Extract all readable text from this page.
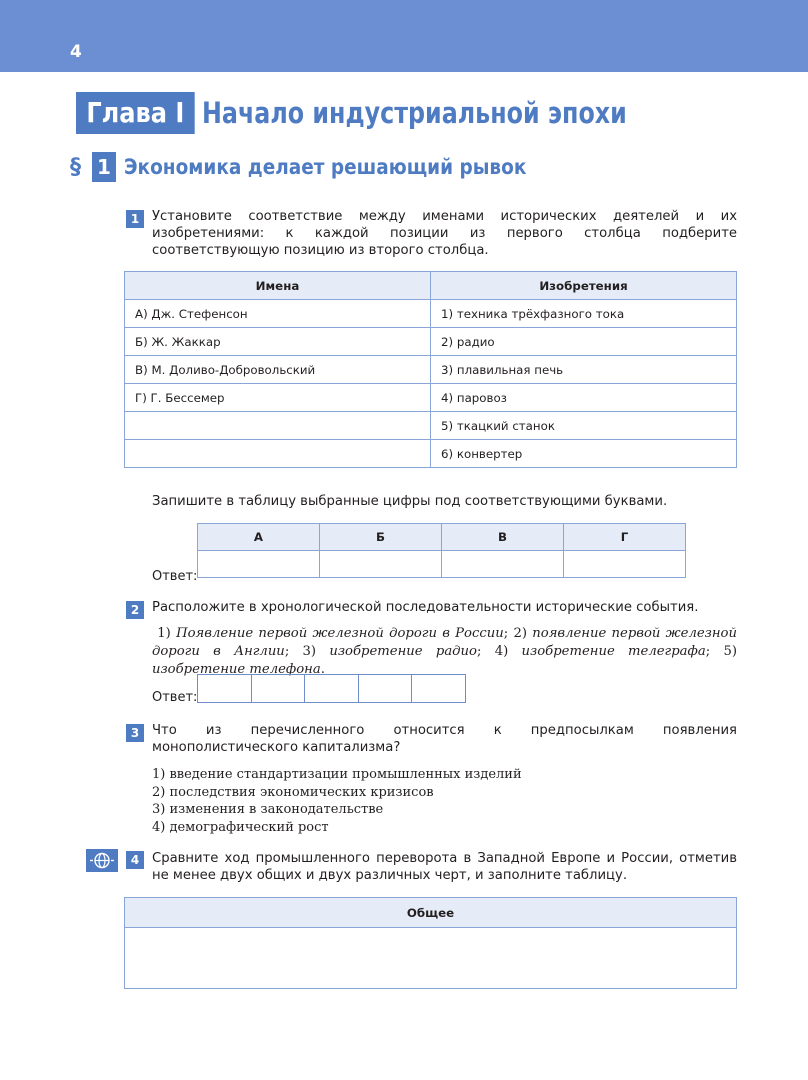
4
Глава I Начало индустриальной эпохи
§ 1 Экономика делает решающий рывок
1 Установите соответствие между именами исторических деятелей и их изобретениями: к каждой позиции из первого столбца подберите соответствующую позицию из второго столбца.
Имена	Изобретения
А) Дж. Стефенсон	1) техника трёхфазного тока
Б) Ж. Жаккар	2) радио
В) М. Доливо-Добровольский	3) плавильная печь
Г) Г. Бессемер	4) паровоз
	5) ткацкий станок
	6) конвертер
Запишите в таблицу выбранные цифры под соответствующими буквами.
Ответ:
А	Б	В	Г

2 Расположите в хронологической последовательности исторические события.
1) Появление первой железной дороги в России; 2) появление первой железной дороги в Англии; 3) изобретение радио; 4) изобретение телеграфа; 5) изобретение телефона.
Ответ:

3 Что из перечисленного относится к предпосылкам появления монополистического капитализма?
1) введение стандартизации промышленных изделий
2) последствия экономических кризисов
3) изменения в законодательстве
4) демографический рост
4 Сравните ход промышленного переворота в Западной Европе и России, отметив не менее двух общих и двух различных черт, и заполните таблицу.
Общее
